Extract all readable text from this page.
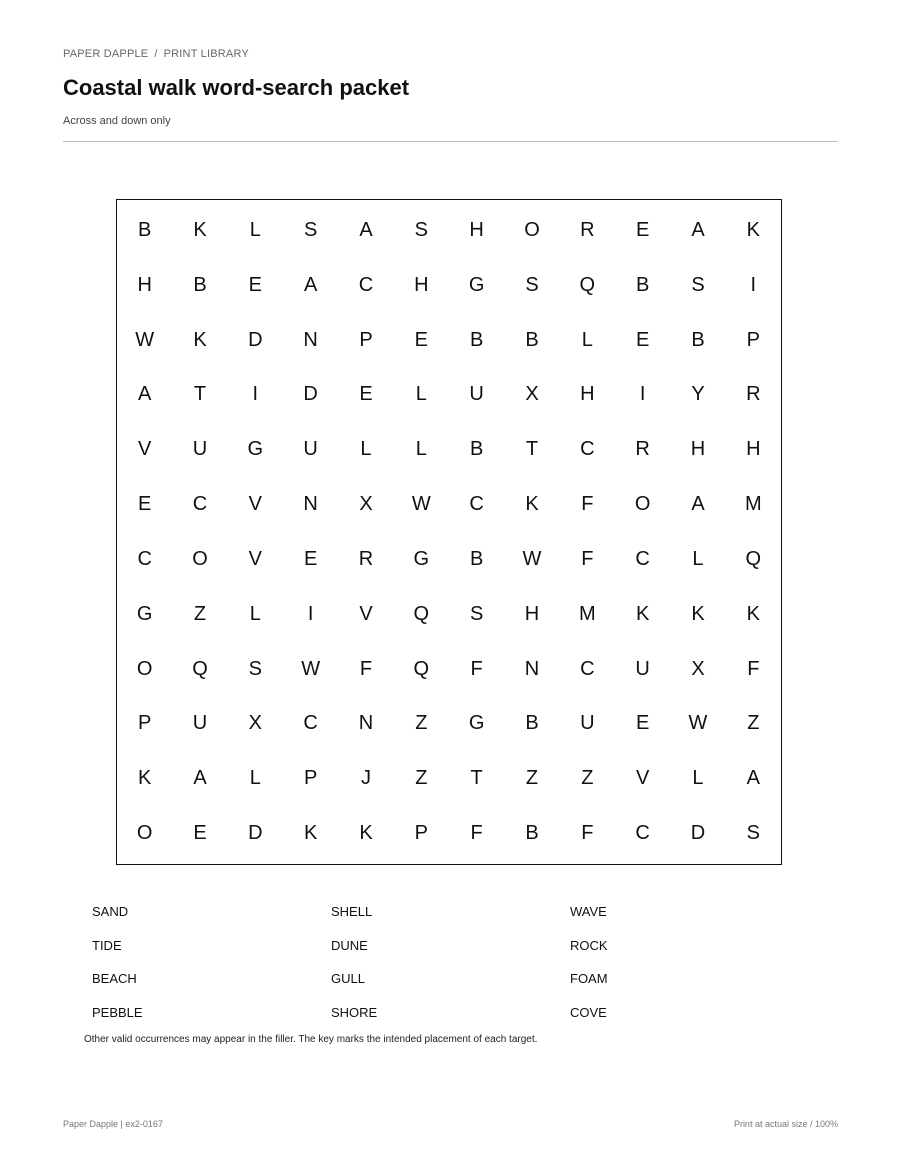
PAPER DAPPLE / PRINT LIBRARY
Coastal walk word-search packet
Across and down only
B	K	L	S	A	S	H	O	R	E	A	K
H	B	E	A	C	H	G	S	Q	B	S	I
W	K	D	N	P	E	B	B	L	E	B	P
A	T	I	D	E	L	U	X	H	I	Y	R
V	U	G	U	L	L	B	T	C	R	H	H
E	C	V	N	X	W	C	K	F	O	A	M
C	O	V	E	R	G	B	W	F	C	L	Q
G	Z	L	I	V	Q	S	H	M	K	K	K
O	Q	S	W	F	Q	F	N	C	U	X	F
P	U	X	C	N	Z	G	B	U	E	W	Z
K	A	L	P	J	Z	T	Z	Z	V	L	A
O	E	D	K	K	P	F	B	F	C	D	S
SAND	SHELL	WAVE
TIDE	DUNE	ROCK
BEACH	GULL	FOAM
PEBBLE	SHORE	COVE
Other valid occurrences may appear in the filler. The key marks the intended placement of each target.
Paper Dapple | ex2-0167	Print at actual size / 100%
